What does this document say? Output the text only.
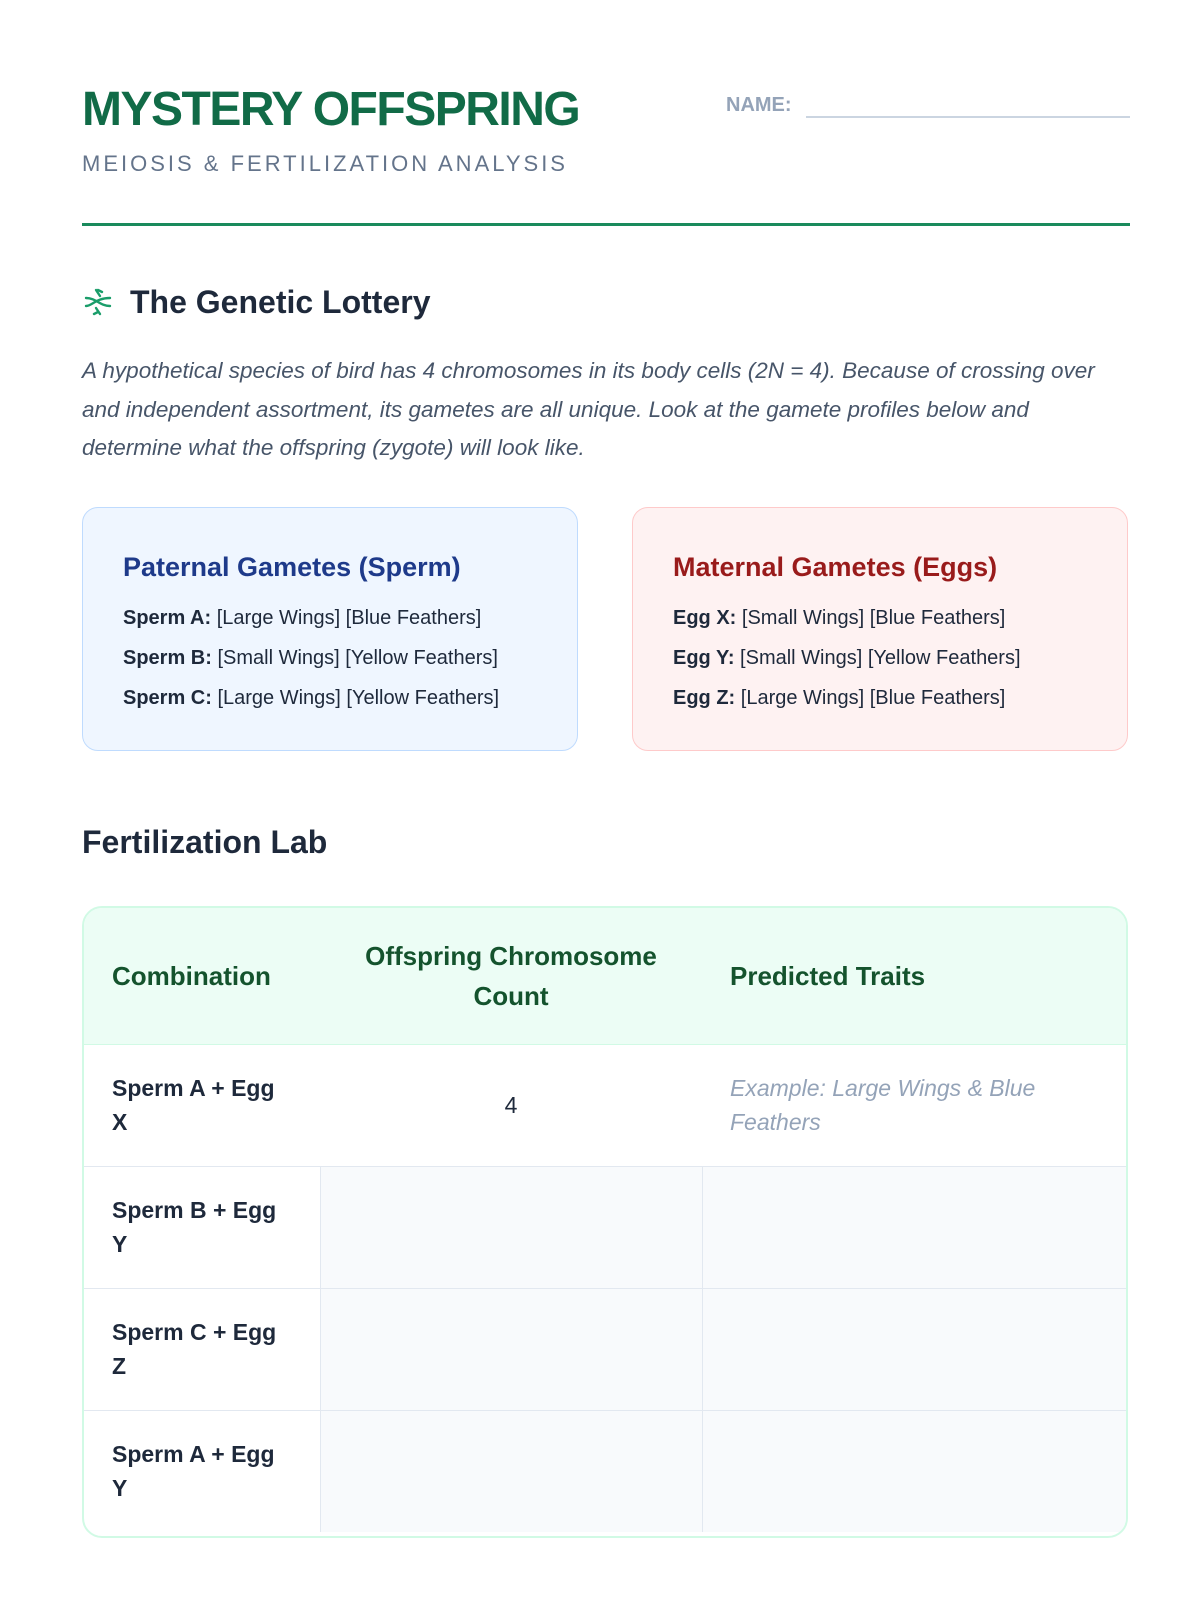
MYSTERY OFFSPRING
MEIOSIS & FERTILIZATION ANALYSIS
NAME:
The Genetic Lottery

A hypothetical species of bird has 4 chromosomes in its body cells (2N = 4). Because of crossing over and independent assortment, its gametes are all unique. Look at the gamete profiles below and determine what the offspring (zygote) will look like.

Paternal Gametes (Sperm)
Sperm A: [Large Wings] [Blue Feathers]
Sperm B: [Small Wings] [Yellow Feathers]
Sperm C: [Large Wings] [Yellow Feathers]
Maternal Gametes (Eggs)
Egg X: [Small Wings] [Blue Feathers]
Egg Y: [Small Wings] [Yellow Feathers]
Egg Z: [Large Wings] [Blue Feathers]
Fertilization Lab
Combination	Offspring Chromosome Count	Predicted Traits
Sperm A + Egg X	4	Example: Large Wings & Blue Feathers
Sperm B + Egg Y		
Sperm C + Egg Z		
Sperm A + Egg Y		
